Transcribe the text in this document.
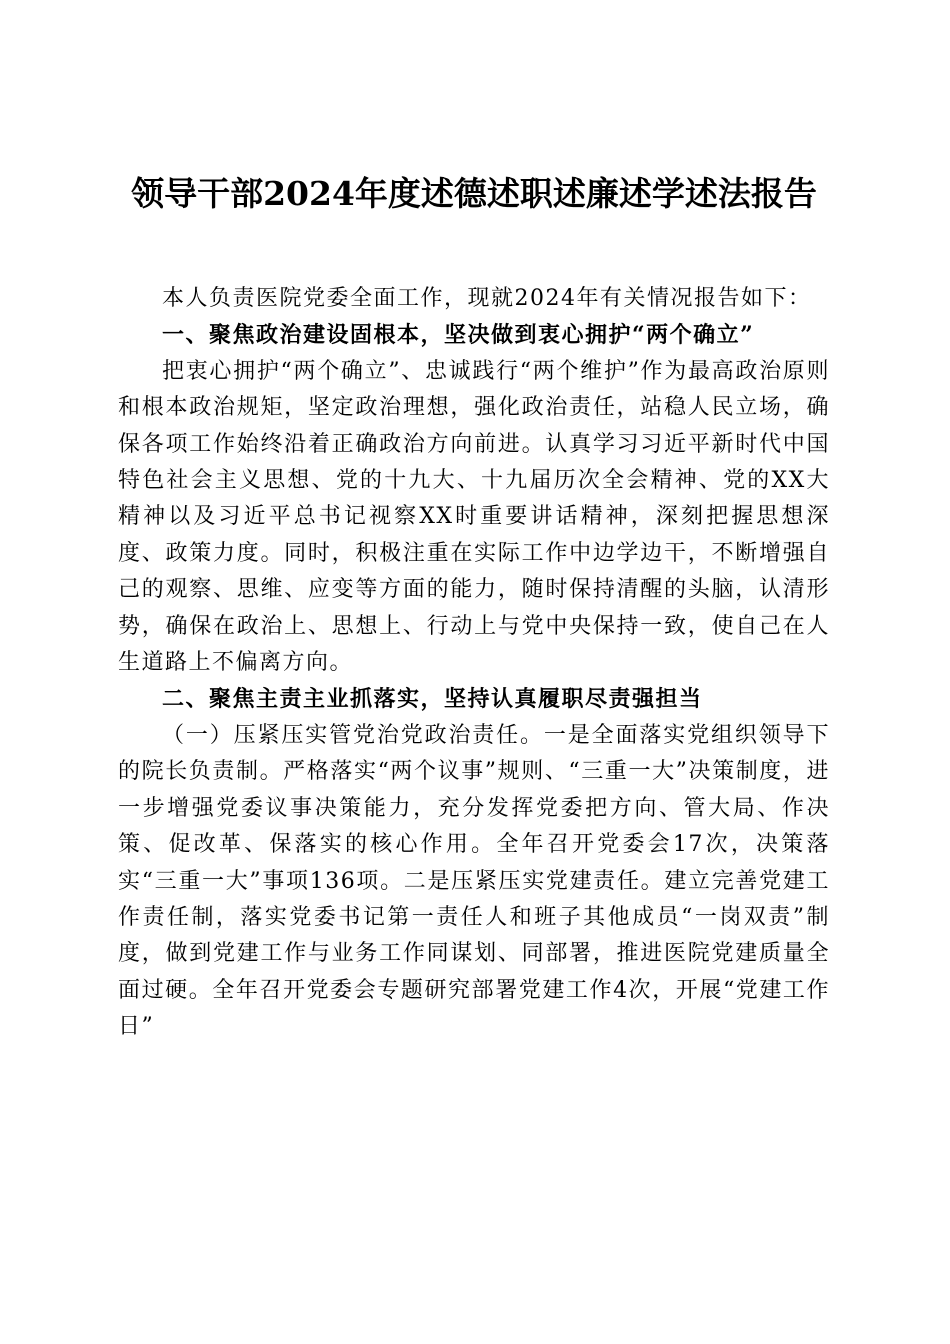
领导干部2024年度述德述职述廉述学述法报告

本人负责医院党委全面工作，现就2024年有关情况报告如下：

一、聚焦政治建设固根本，坚决做到衷心拥护“两个确立”

把衷心拥护“两个确立”、忠诚践行“两个维护”作为最高政治原则和根本政治规矩，坚定政治理想，强化政治责任，站稳人民立场，确保各项工作始终沿着正确政治方向前进。认真学习习近平新时代中国特色社会主义思想、党的十九大、十九届历次全会精神、党的XX大精神以及习近平总书记视察XX时重要讲话精神，深刻把握思想深度、政策力度。同时，积极注重在实际工作中边学边干，不断增强自己的观察、思维、应变等方面的能力，随时保持清醒的头脑，认清形势，确保在政治上、思想上、行动上与党中央保持一致，使自己在人生道路上不偏离方向。

二、聚焦主责主业抓落实，坚持认真履职尽责强担当

（一）压紧压实管党治党政治责任。一是全面落实党组织领导下的院长负责制。严格落实“两个议事”规则、“三重一大”决策制度，进一步增强党委议事决策能力，充分发挥党委把方向、管大局、作决策、促改革、保落实的核心作用。全年召开党委会17次，决策落实“三重一大”事项136项。二是压紧压实党建责任。建立完善党建工作责任制，落实党委书记第一责任人和班子其他成员“一岗双责”制度，做到党建工作与业务工作同谋划、同部署，推进医院党建质量全面过硬。全年召开党委会专题研究部署党建工作4次，开展“党建工作日”
